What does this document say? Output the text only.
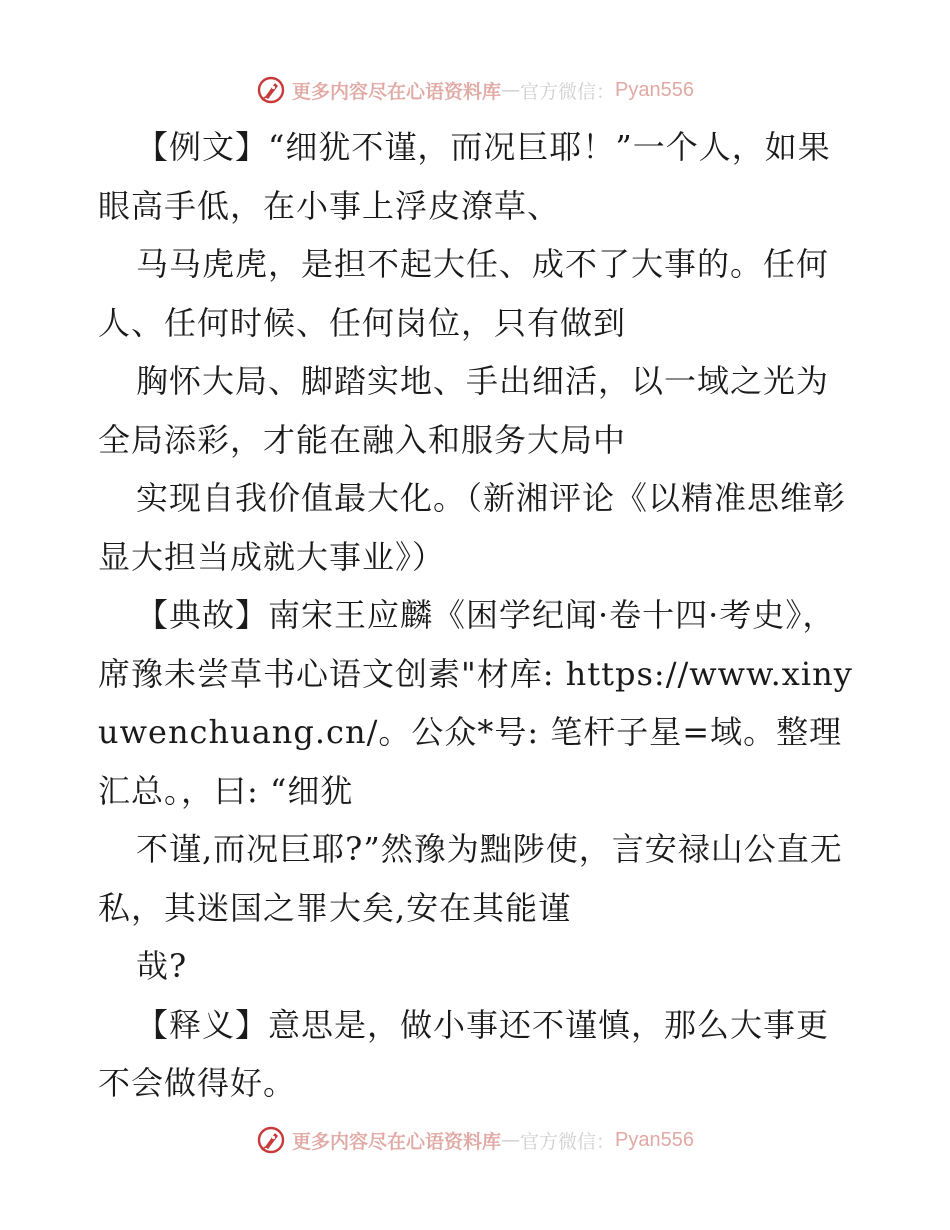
更多内容尽在心语资料库 — 官方微信： Pyan556

【例文】“细犹不谨，而况巨耶！”一个人，如果眼高手低，在小事上浮皮潦草、

马马虎虎，是担不起大任、成不了大事的。任何人、任何时候、任何岗位，只有做到

胸怀大局、脚踏实地、手出细活，以一域之光为全局添彩，才能在融入和服务大局中

实现自我价值最大化。（新湘评论《以精准思维彰显大担当成就大事业》）

【典故】南宋王应麟《困学纪闻·卷十四·考史》，席豫未尝草书心语文创素"材库: https://www.xinyuwenchuang.cn/。公众*号: 笔杆子星=域。整理汇总。，曰: “细犹

不谨,而况巨耶?”然豫为黜陟使，言安禄山公直无私，其迷国之罪大矣,安在其能谨

哉?

【释义】意思是，做小事还不谨慎，那么大事更不会做得好。

更多内容尽在心语资料库 — 官方微信： Pyan556
